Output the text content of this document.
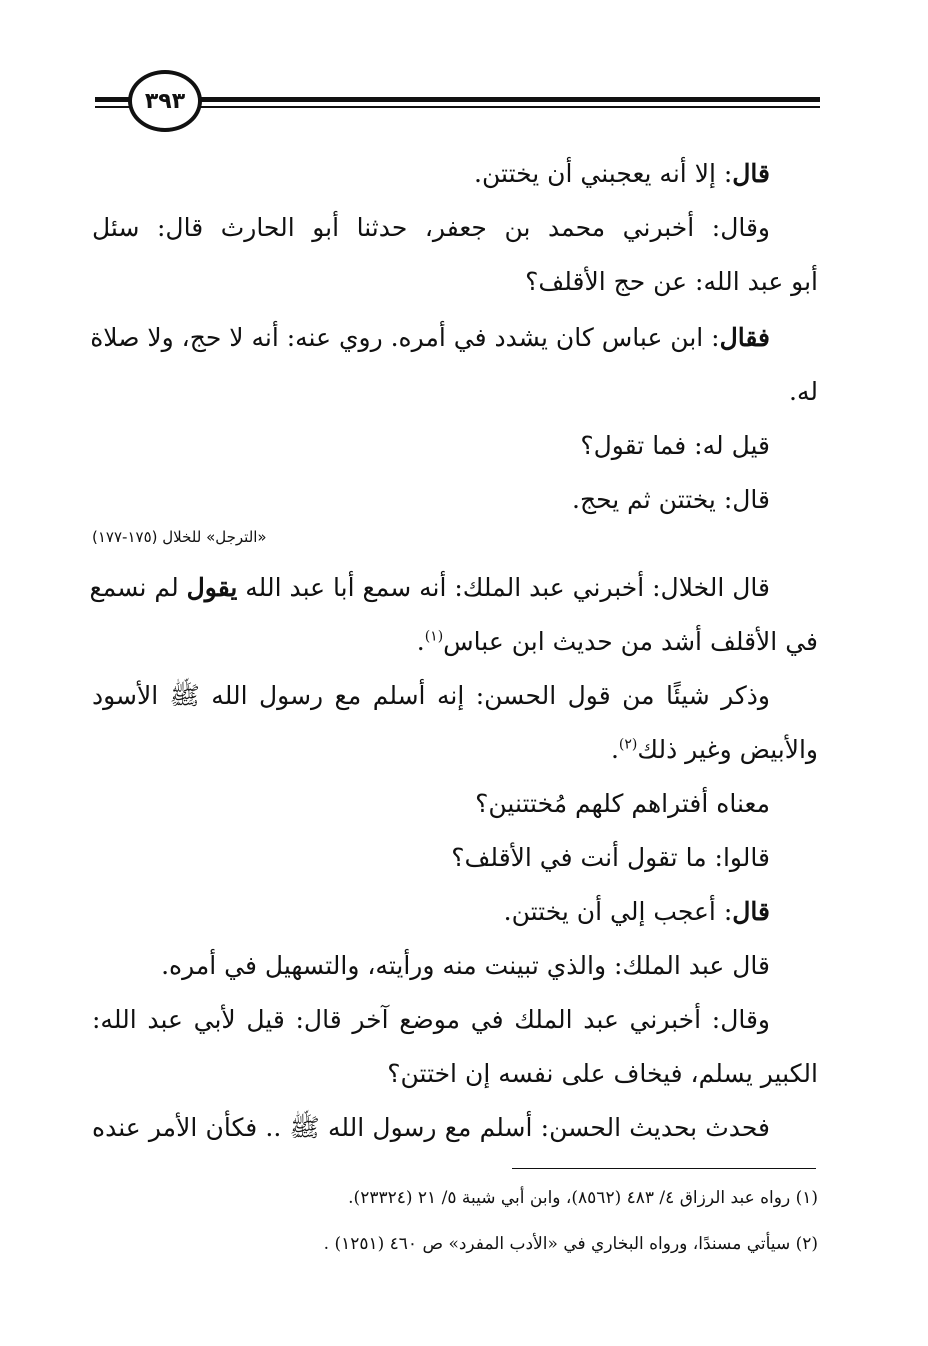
٣٩٣
قال: إلا أنه يعجبني أن يختتن.
وقال: أخبرني محمد بن جعفر، حدثنا أبو الحارث قال: سئل
أبو عبد الله: عن حج الأقلف؟
فقال: ابن عباس كان يشدد في أمره. روي عنه: أنه لا حج، ولا صلاة
له.
قيل له: فما تقول؟
قال: يختتن ثم يحج.
«الترجل» للخلال (١٧٥-١٧٧)
قال الخلال: أخبرني عبد الملك: أنه سمع أبا عبد الله يقول لم نسمع
في الأقلف أشد من حديث ابن عباس$^{(١)}$.
وذكر شيئًا من قول الحسن: إنه أسلم مع رسول الله ﷺ الأسود
والأبيض وغير ذلك$^{(٢)}$.
معناه أفتراهم كلهم مُختتنين؟
قالوا: ما تقول أنت في الأقلف؟
قال: أعجب إلي أن يختتن.
قال عبد الملك: والذي تبينت منه ورأيته، والتسهيل في أمره.
وقال: أخبرني عبد الملك في موضع آخر قال: قيل لأبي عبد الله:
الكبير يسلم، فيخاف على نفسه إن اختتن؟
فحدث بحديث الحسن: أسلم مع رسول الله ﷺ .. فكأن الأمر عنده
(١) رواه عبد الرزاق ٤/ ٤٨٣ (٨٥٦٢)، وابن أبي شيبة ٥/ ٢١ (٢٣٣٢٤).
(٢) سيأتي مسندًا، ورواه البخاري في «الأدب المفرد» ص ٤٦٠ (١٢٥١) .
